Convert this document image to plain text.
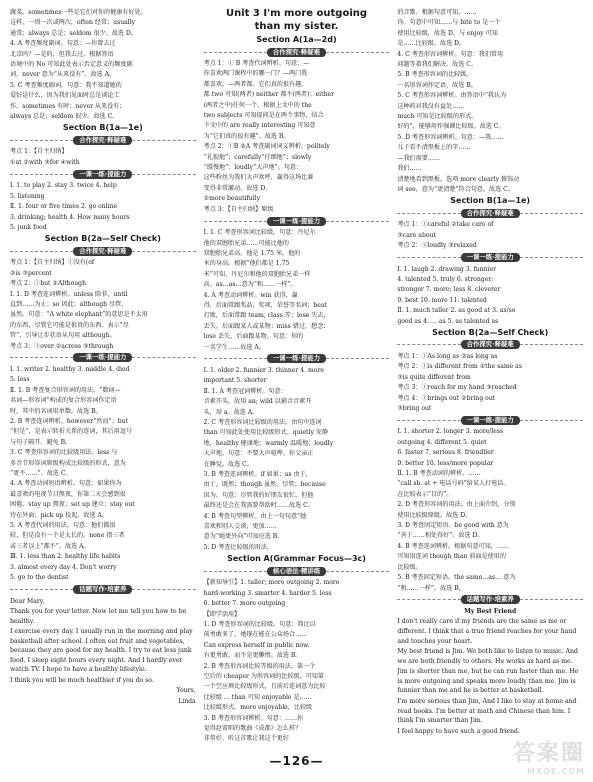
蔬菜。sometimes一些是它们对你的健康有好处。

这样，一周一次或两次，often 经常；usually

通常；always 总是；seldom 很少。故选 D。

4. A 考查频度副词。句意：—你曾去过

北京吗？—是的，但我去过。根据答语

语境中的 No 可知此处表示否定意义的频度副

词，never 意为“从来没有”。故选 A。

5. C 考查频度副词。句意：我不知道她的

爱好是什么，因为我们见面时总是谈论工

作。sometimes 有时；never 从来没有；

always 总是；seldom 很少。故选 C。

Section B(1a—1e)

合作探究·释疑难

考点 1：【自主归纳】

①at ②with ③for ④with

一课一练·提能力

Ⅰ. 1. to play 2. stay 3. twice 4. help

5. listening

Ⅱ. 1. four or five times 2. go online

3. drinking; health 4. How many hours

5. junk food

Section B(2a—Self Check)

合作探究·释疑难

考点 1：【自主归纳】①没有(of

②is ③percent

考点 2：①but ②Although

Ⅰ. 1. D 考查连词辨析。unless 除非，until

直到……为止；so 因此；although 尽管，

虽然。句意：“A white elephant”的意思是不太用

的东西，尽管它可能是很贵的东西。表示“尽

管”，引导让步状语从句用 although。

考点 3：①over ②across ③through

一课一练·提能力

Ⅰ. 1. writer 2. healthy 3. middle 4. died

5. less

Ⅱ. 1. B 考查复合形容词的用法。“数词—

名词—形容词”构成的复合形容词作定语

时，其中的名词用单数。故选 B。

2. B 考查连词辨析。however“然而”；but

“但是”，是表示转折关系的连词，其后用逗号

与句子隔开。避免 B。

3. C 考查形容词的比较级用法。less 与

多音节形容词原级构成比较级的形式，意为

“更不……”。故选 C。

4. A 考查动词短语辨析。句意：如果你为

最喜欢的电视节目熬夜，你第二天会感到很

困倦。stay up 熬夜；set up 建立；stay out

待在外面；pick up 捡起。故选 A。

5. A 考查代词的用法。句意：他们都很

较，但是没有一个是太长的。none 指三者

或三者以上“都不”。故选 A。

Ⅲ. 1. less than 2. healthy life habits

3. almost every day 4. Don't worry

5. go to the dentist

话题写作·培素养

Dear Mary,

Thank you for your letter. Now let me tell you how to be healthy.

I exercise every day. I usually run in the morning and play basketball after school. I often eat fruit and vegetables, because they are good for my health. I try to eat less junk food. I sleep eight hours every night. And I hardly ever watch TV. I hope to have a healthy lifestyle.

I think you will be much healthier if you do so.

Yours,

Linda

Unit 3 I'm more outgoing

than my sister.

Section A(1a—2d)

合作探究·释疑难

考点 1：① B 考查代词辨析。句意：—

你喜欢两门课程中的哪一门？—两门我

都喜欢。—两者都。它们真的很有趣。

都 two 可知(两者) neither 都不(两者)；either

(两者之中)任何一个。根据上文中的 the

two subjects 可知提问是在两个事物，结合

下文中的 are really interesting 可知意

为“它们真的很有趣”。故选 B。

考点 2：①B ②A 考查副词词义辨析。politely

“礼貌地”；carefully“仔细地”；slowly

“缓慢地”；loudly“大声地”。句意：

这些粉丝为我们大声欢呼，赢得这场比赛

变得非常激动。故选 D。

②more beautifully

考点 3：【自主归纳】原级

一课一练·提能力

Ⅰ. 1. C 考查形容词比较级。句意：丹尼尔

他的双胞胎兄弟……可能比他的

双胞胎兄弟高。他是 1.75 米，他的

米的身高。根据“他们都是 1.75

米”可知，丹尼尔和他的双胞胎兄弟一样

高。as…as…意为“和……一样”。

4. A 考查动词辨析。win 获得，赢

得，后面常跟奖品，奖项，荣誉等名词；beat

打败，后面常跟 team, class 等；lose 失去，

丢失，后面跟某人或某物；miss 错过，想念；

lose 丢失，后面跟某物。句意：你的

一名学生……故选 A。

一课一练·提能力

Ⅰ. 1. older 2. funnier 3. thinner 4. more

important 5. shorter

Ⅱ. 1. A 考查冠词辨析。句意：

音素开头，故用 an; wild 以辅音音素开

头，用 a。故选 A。

2. C 考查形容词比较级的用法。由句中连词

than 可知此处使用比较级形式。quietly 安静

地，healthy 健康地；warmly 温暖地；loudly

大声地。句意：不要大声喧哗。你父亲正

在睡觉。故选 C。

3. B 考查连词辨析。if 如果；as 由于，

由于，既然；though 虽然，尽管；because

因为。句意：尽管我的好朋友很忙，但他

最终还是会在我需要帮助时……故选 C。

4. B 考查句型辨析。由上一句句意“她

喜欢和别人交谈，更加……

意为“她更外向”可知应选 B。

5. D 考查比较级的用法。

Section A(Grammar Focus—3c)

核心语法·精讲练

【新知导引】1. taller; more outgoing 2. more

hard-working 3. smarter 4. harder 5. less

6. better 7. more outgoing

【即学活用】

1. D 考查形容词的比较级。句意：简比以

前勇敢多了，她现在能在公众场合……

Can express herself in public now.

有更勇敢，而不是更懒惰。故选 B。

2. B 考查形容词比较等级的用法。第一个

空后的 cheaper 为形容词的比较级，可知第

一个空应填比较级形式，且前后连词意为比较

比较级 … than 可知 enjoyable 是……

比较级形式。more enjoyable，比较级

3. B 考查形容词辨析。句意：……你

觉得赵雷唱的歌曲《成都》怎么样？

非常好，听这首歌让我这个更好

的音歌。根据句意可知，……

你。句意中可知……与 bite to 是一个

使用比较级，故选 D。与 enjoy 可知

是……比较级。故选 D。

4. C 考查形容词辨析。句意：我们常用

问题等着我们解决。故选 C。

5. B 考查形容词的比较级。

一名形容词作定语，故选 B。

5. C 考查形容词辨析。由答语中“我认为

这种药对我没有益处……

much 可知是比较级的形式。

好的”，能够用作强调比较级。故选 C。

5. D 考查形容词辨析。句意：—我……

儿子看不清黑板上的字……

—我们需要……

我们……

清楚地看到黑板。选项 more clearly 修饰动

词 see，意为“更清楚”符合句意。故选 C。

Section B(1a—1e)

合作探究·释疑难

考点 1：①careful ②take care of

③care about

考点 2：②loudly ③relaxed

一课一练·提能力

Ⅰ. 1. laugh 2. drawing 3. funnier

4. talented 5. truly 6. stronger;

stronger 7. more; less 8. cleverer

9. best 10. more 11. talented

Ⅱ. 1. much taller 2. as good at 3. as/so

good as 4. … as 5. as talented as

Section B(2a—Self Check)

合作探究·释疑难

考点 1：①As long as ②as long as

考点 2：①is different from ②the same as

③is quite different from

考点 3：①reach for my hand ③reached

考点 4：①brings out ②bring out

③bring out

一课一练·提能力

Ⅰ. 1. shorter 2. longer 3. more/less

outgoing 4. different 5. quiet

6. faster 7. serious 8. friendlier

9. better 10. less/more popular

Ⅱ. 1. B 考查动词的辨析。……

“call sb. at + 电话号码”给某人打电话。

在比较表示“目的”。

2. D 考查形容词的用法。由上面介绍，分别

使用比较级原级。故选 D。

3. D 考查固定短语。be good with 意为

“善于……相处得好”。故选 D。

4. B 考查连词辨析。根据句意可知，……

可知用连词 though than 前面是使用的

比较级。

5. B 考查固定短语。the same…as… 意为

“和……一样”。故选 B。

话题写作·培素养

My Best Friend

I don't really care if my friends are the same as me or different. I think that a true friend reaches for your hand and touches your heart.

My best friend is Jim. We both like to listen to music. And we are both friendly to others. He works as hard as me.

Jim is shorter than me, but he can run faster than me. He is more outgoing and speaks more loudly than me. Jim is funnier than me and he is better at basketball.

I'm more serious than Jim, And I like to stay at home and read books. I'm better at math and Chinese than him. I think I'm smarter than Jim.

I feel happy to have such a good friend.

—126—	答案圈
MXQE.COM
